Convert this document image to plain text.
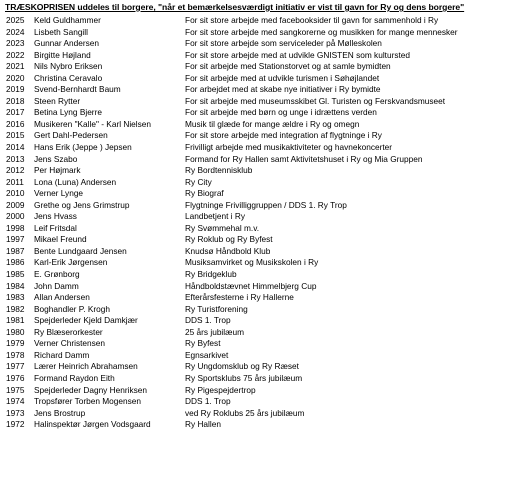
TRÆSKOPRISEN uddeles til borgere, "når et bemærkelsesværdigt initiativ er vist til gavn for Ry og dens borgere"
2025 Keld Guldhammer	For sit store arbejde med facebooksider til gavn for sammenhold i Ry
2024 Lisbeth Sangill	For sit store arbejde med sangkorerne og musikken for mange mennesker
2023 Gunnar Andersen	For sit store arbejde som serviceleder på Mølleskolen
2022 Birgitte Højland	For sit store arbejde med at udvikle GNISTEN som kultursted
2021 Nils Nybro Eriksen	For sit arbejde med Stationstorvet og at samle bymidten
2020 Christina Ceravalo	For sit arbejde med at udvikle turismen i Søhøjlandet
2019 Svend-Bernhardt Baum	For arbejdet med at skabe nye initiativer i Ry bymidte
2018 Steen Rytter	For sit arbejde med museumsskibet Gl. Turisten og Ferskvandsmuseet
2017 Betina Lyng Bjerre	For sit arbejde med børn og unge i idrættens verden
2016 Musikeren "Kalle" - Karl Nielsen	Musik til glæde for mange ældre i Ry og omegn
2015 Gert Dahl-Pedersen	For sit store arbejde med integration af flygtninge i Ry
2014 Hans Erik (Jeppe ) Jepsen	Frivilligt arbejde med musikaktiviteter og havnekoncerter
2013 Jens Szabo	Formand for Ry Hallen samt Aktivitetshuset i Ry og Mia Gruppen
2012 Per Højmark	Ry Bordtennisklub
2011 Lona (Luna) Andersen	Ry City
2010 Verner Lynge	Ry Biograf
2009 Grethe og Jens Grimstrup	Flygtninge Frivilliggruppen / DDS 1. Ry Trop
2000 Jens Hvass	Landbetjent i Ry
1998 Leif Fritsdal	Ry Svømmehal m.v.
1997 Mikael Freund	Ry Roklub og Ry Byfest
1987 Bente Lundgaard Jensen	Knudsø Håndbold Klub
1986 Karl-Erik Jørgensen	Musiksamvirket og Musikskolen i Ry
1985 E. Grønborg	Ry Bridgeklub
1984 John Damm	Håndboldstævnet Himmelbjerg Cup
1983 Allan Andersen	Efterårsfesterne i Ry Hallerne
1982 Boghandler P. Krogh	Ry Turistforening
1981 Spejderleder Kjeld Damkjær	DDS 1. Trop
1980 Ry Blæserorkester	25 års jubilæum
1979 Verner Christensen	Ry Byfest
1978 Richard Damm	Egnsarkivet
1977 Lærer Heinrich Abrahamsen	Ry Ungdomsklub og Ry Ræset
1976 Formand Raydon Eith	Ry Sportsklubs 75 års jubilæum
1975 Spejderleder Dagny Henriksen	Ry Pigespejdertrop
1974 Tropsfører Torben Mogensen	DDS 1. Trop
1973 Jens Brostrup	ved Ry Roklubs 25 års jubilæum
1972 Halinspektør Jørgen Vodsgaard	Ry Hallen
